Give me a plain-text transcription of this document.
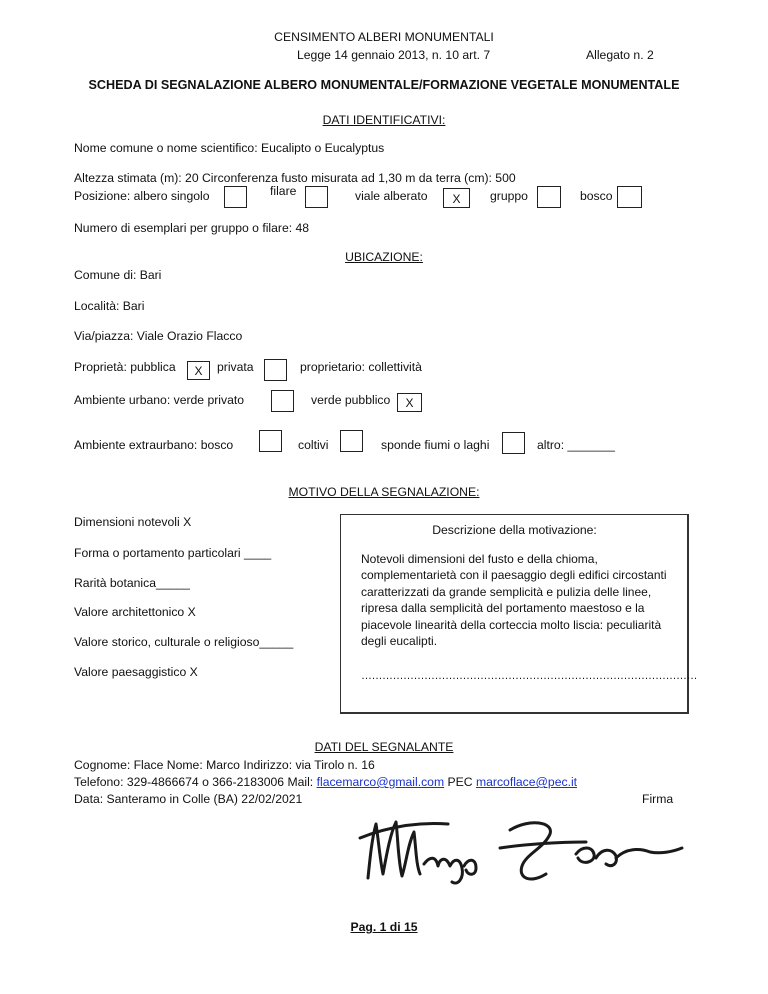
CENSIMENTO ALBERI MONUMENTALI
Legge 14 gennaio 2013, n. 10 art. 7	Allegato n. 2
SCHEDA DI SEGNALAZIONE ALBERO MONUMENTALE/FORMAZIONE VEGETALE MONUMENTALE
DATI IDENTIFICATIVI:
Nome comune o nome scientifico: Eucalipto o Eucalyptus
Altezza stimata (m): 20 Circonferenza fusto misurata ad 1,30 m da terra (cm): 500
Posizione: albero singolo	filare	viale alberato	X	gruppo	bosco
Numero di esemplari per gruppo o filare: 48
UBICAZIONE:
Comune di: Bari
Località: Bari
Via/piazza: Viale Orazio Flacco
Proprietà: pubblica	X	privata	proprietario: collettività
Ambiente urbano: verde privato	verde pubblico	X
Ambiente extraurbano: bosco	coltivi	sponde fiumi o laghi	altro: _______
MOTIVO DELLA SEGNALAZIONE:
Dimensioni notevoli X
Forma o portamento particolari ____
Rarità botanica_____
Valore architettonico X
Valore storico, culturale o religioso_____
Valore paesaggistico X
Descrizione della motivazione:
Notevoli dimensioni del fusto e della chioma, complementarietà con il paesaggio degli edifici circostanti caratterizzati da grande semplicità e pulizia delle linee, ripresa dalla semplicità del portamento maestoso e la piacevole linearità della corteccia molto liscia: peculiarità degli eucalipti.
……………………………………………………………………………………
DATI DEL SEGNALANTE
Cognome: Flace Nome: Marco Indirizzo: via Tirolo n. 16
Telefono: 329-4866674 o 366-2183006 Mail: flacemarco@gmail.com PEC marcoflace@pec.it
Data: Santeramo in Colle (BA) 22/02/2021	Firma
Pag. 1 di 15
